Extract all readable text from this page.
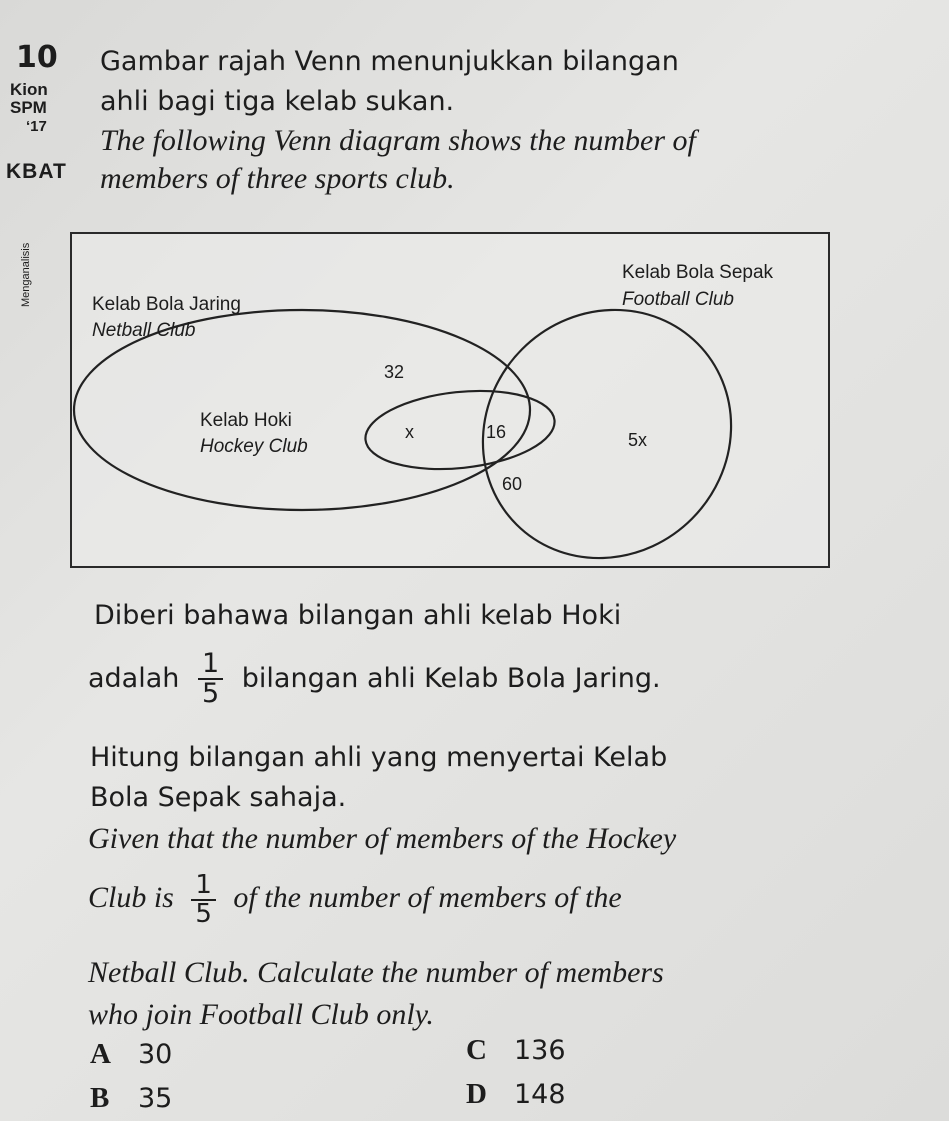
10
Kion
SPM
‘17
KBAT
Menganalisis
Gambar rajah Venn menunjukkan bilangan
ahli bagi tiga kelab sukan.
The following Venn diagram shows the number of
members of three sports club.
Kelab Bola Sepak
Football Club
Kelab Bola Jaring
Netball Club
Kelab Hoki
Hockey Club
32
x	16
60
5x
Diberi bahawa bilangan ahli kelab Hoki
adalah $\frac{1}{5}$ bilangan ahli Kelab Bola Jaring.
Hitung bilangan ahli yang menyertai Kelab
Bola Sepak sahaja.
Given that the number of members of the Hockey
Club is $\frac{1}{5}$ of the number of members of the
Netball Club. Calculate the number of members
who join Football Club only.
A 30
B 35
C 136
D 148
